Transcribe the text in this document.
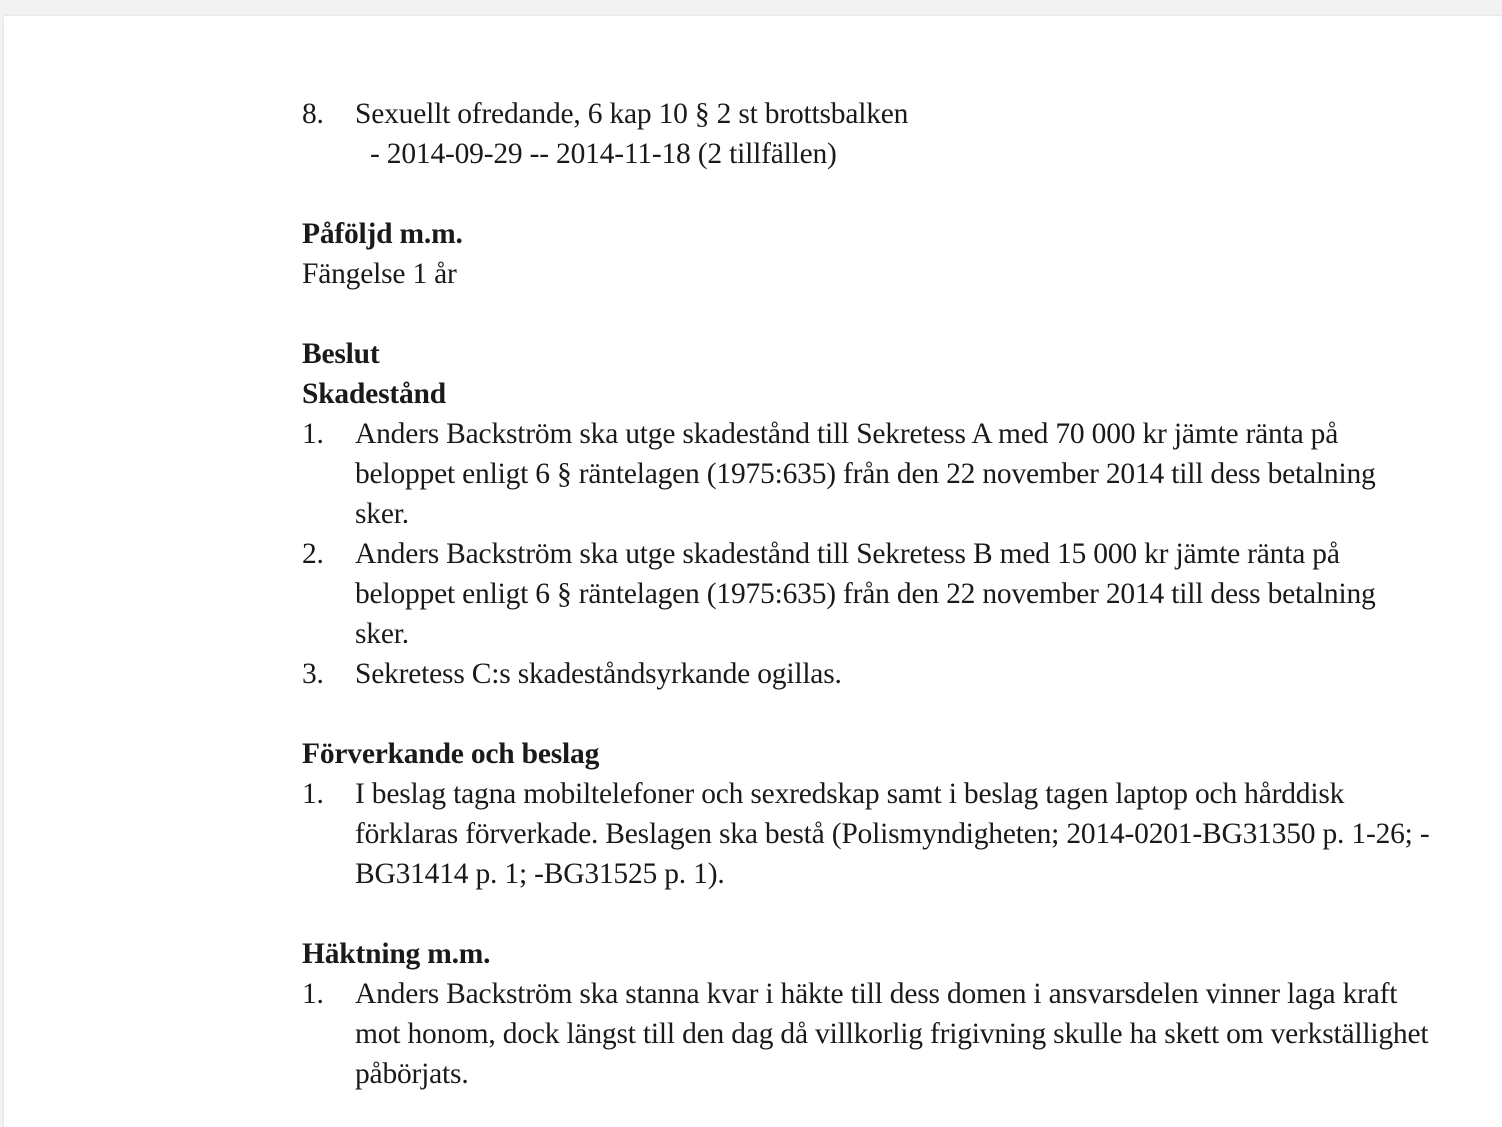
8.	Sexuellt ofredande, 6 kap 10 § 2 st brottsbalken

- 2014-09-29 -- 2014-11-18 (2 tillfällen)

Påföljd m.m.

Fängelse 1 år

Beslut

Skadestånd

1.	Anders Backström ska utge skadestånd till Sekretess A med 70 000 kr jämte ränta på beloppet enligt 6 § räntelagen (1975:635) från den 22 november 2014 till dess betalning sker.
2.	Anders Backström ska utge skadestånd till Sekretess B med 15 000 kr jämte ränta på beloppet enligt 6 § räntelagen (1975:635) från den 22 november 2014 till dess betalning sker.
3.	Sekretess C:s skadeståndsyrkande ogillas.

Förverkande och beslag

1.	I beslag tagna mobiltelefoner och sexredskap samt i beslag tagen laptop och hårddisk förklaras förverkade. Beslagen ska bestå (Polismyndigheten; 2014-0201-BG31350 p. 1-26; -BG31414 p. 1; -BG31525 p. 1).

Häktning m.m.

1.	Anders Backström ska stanna kvar i häkte till dess domen i ansvarsdelen vinner laga kraft mot honom, dock längst till den dag då villkorlig frigivning skulle ha skett om verkställighet påbörjats.
